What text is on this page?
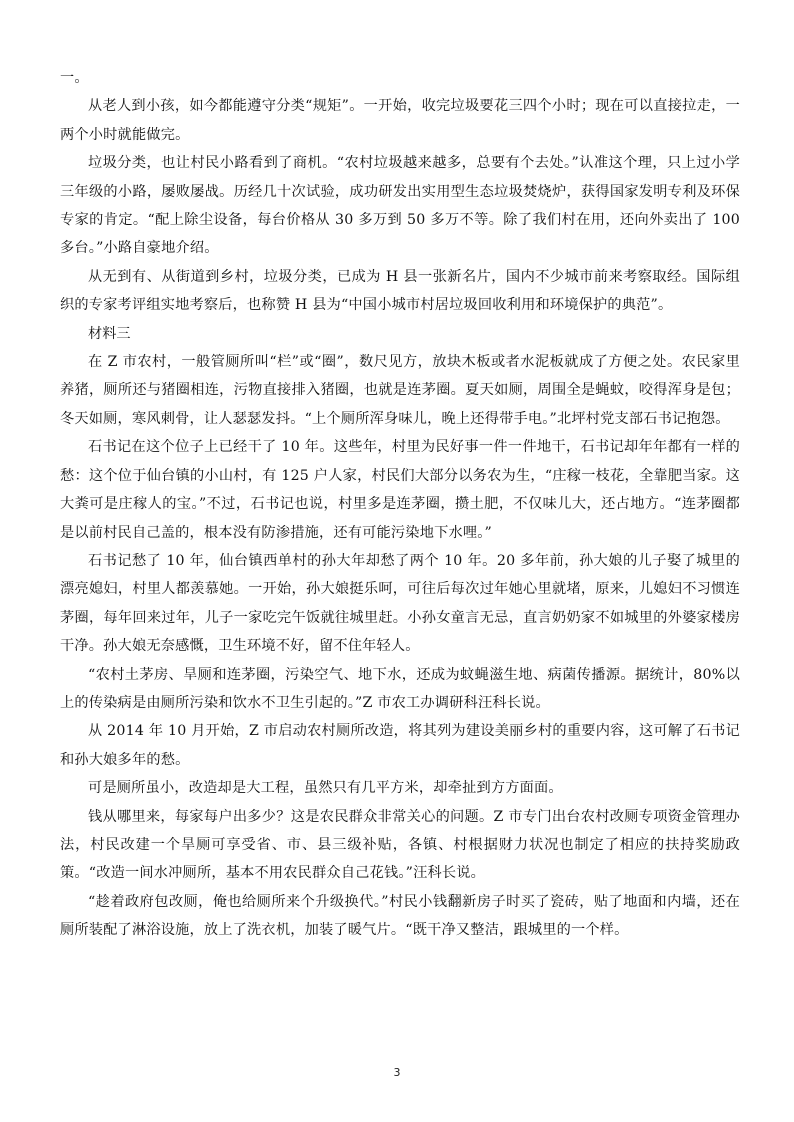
一。

从老人到小孩，如今都能遵守分类“规矩”。一开始，收完垃圾要花三四个小时；现在可以直接拉走，一两个小时就能做完。

垃圾分类，也让村民小路看到了商机。“农村垃圾越来越多，总要有个去处。”认准这个理，只上过小学三年级的小路，屡败屡战。历经几十次试验，成功研发出实用型生态垃圾焚烧炉，获得国家发明专利及环保专家的肯定。“配上除尘设备，每台价格从 30 多万到 50 多万不等。除了我们村在用，还向外卖出了 100 多台。”小路自豪地介绍。

从无到有、从街道到乡村，垃圾分类，已成为 H 县一张新名片，国内不少城市前来考察取经。国际组织的专家考评组实地考察后，也称赞 H 县为“中国小城市村居垃圾回收利用和环境保护的典范”。

材料三

在 Z 市农村，一般管厕所叫“栏”或“圈”，数尺见方，放块木板或者水泥板就成了方便之处。农民家里养猪，厕所还与猪圈相连，污物直接排入猪圈，也就是连茅圈。夏天如厕，周围全是蝇蚊，咬得浑身是包；冬天如厕，寒风刺骨，让人瑟瑟发抖。“上个厕所浑身味儿，晚上还得带手电。”北坪村党支部石书记抱怨。

石书记在这个位子上已经干了 10 年。这些年，村里为民好事一件一件地干，石书记却年年都有一样的愁：这个位于仙台镇的小山村，有 125 户人家，村民们大部分以务农为生，“庄稼一枝花，全靠肥当家。这大粪可是庄稼人的宝。”不过，石书记也说，村里多是连茅圈，攒土肥，不仅味儿大，还占地方。“连茅圈都是以前村民自己盖的，根本没有防渗措施，还有可能污染地下水哩。”

石书记愁了 10 年，仙台镇西单村的孙大年却愁了两个 10 年。20 多年前，孙大娘的儿子娶了城里的漂亮媳妇，村里人都羡慕她。一开始，孙大娘挺乐呵，可往后每次过年她心里就堵，原来，儿媳妇不习惯连茅圈，每年回来过年，儿子一家吃完午饭就往城里赶。小孙女童言无忌，直言奶奶家不如城里的外婆家楼房干净。孙大娘无奈感慨，卫生环境不好，留不住年轻人。

“农村土茅房、旱厕和连茅圈，污染空气、地下水，还成为蚊蝇滋生地、病菌传播源。据统计，80%以上的传染病是由厕所污染和饮水不卫生引起的。”Z 市农工办调研科汪科长说。

从 2014 年 10 月开始，Z 市启动农村厕所改造，将其列为建设美丽乡村的重要内容，这可解了石书记和孙大娘多年的愁。

可是厕所虽小，改造却是大工程，虽然只有几平方米，却牵扯到方方面面。

钱从哪里来，每家每户出多少？这是农民群众非常关心的问题。Z 市专门出台农村改厕专项资金管理办法，村民改建一个旱厕可享受省、市、县三级补贴，各镇、村根据财力状况也制定了相应的扶持奖励政策。“改造一间水冲厕所，基本不用农民群众自己花钱。”汪科长说。

“趁着政府包改厕，俺也给厕所来个升级换代。”村民小钱翻新房子时买了瓷砖，贴了地面和内墙，还在厕所装配了淋浴设施，放上了洗衣机，加装了暖气片。“既干净又整洁，跟城里的一个样。

3
